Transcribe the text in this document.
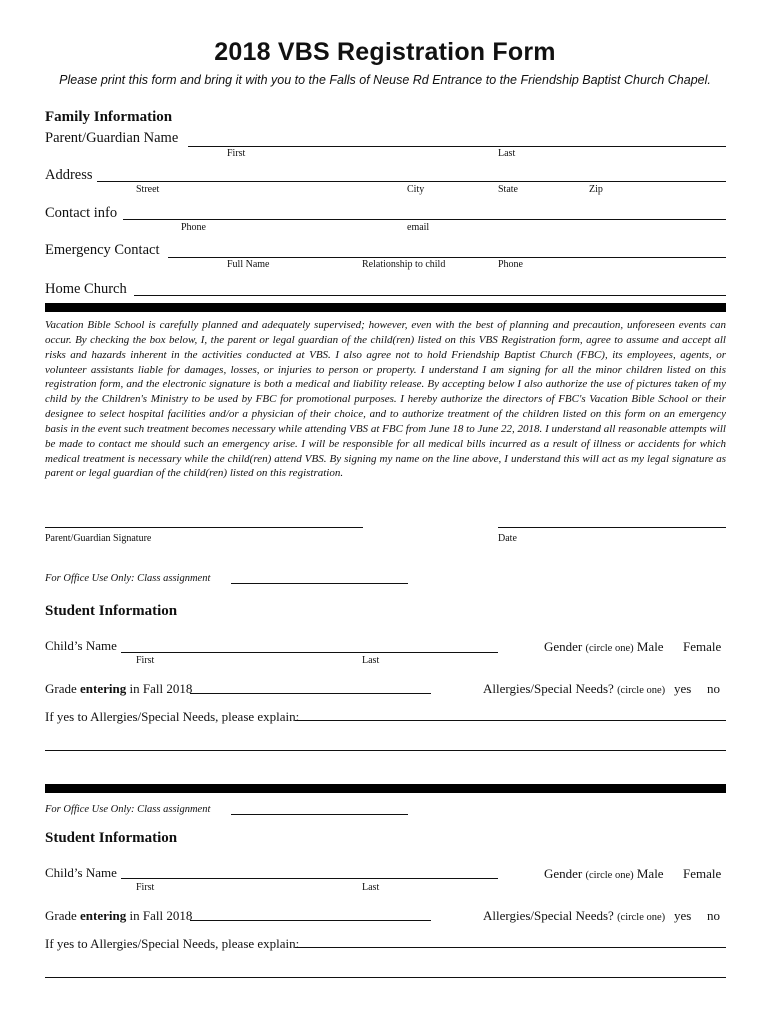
2018 VBS Registration Form
Please print this form and bring it with you to the Falls of Neuse Rd Entrance to the Friendship Baptist Church Chapel.
Family Information
Parent/Guardian Name
First	Last
Address
Street	City	State	Zip
Contact info
Phone	email
Emergency Contact
Full Name	Relationship to child	Phone
Home Church
Vacation Bible School is carefully planned and adequately supervised; however, even with the best of planning and precaution, unforeseen events can occur. By checking the box below, I, the parent or legal guardian of the child(ren) listed on this VBS Registration form, agree to assume and accept all risks and hazards inherent in the activities conducted at VBS. I also agree not to hold Friendship Baptist Church (FBC), its employees, agents, or volunteer assistants liable for damages, losses, or injuries to person or property. I understand I am signing for all the minor children listed on this registration form, and the electronic signature is both a medical and liability release. By accepting below I also authorize the use of pictures taken of my child by the Children's Ministry to be used by FBC for promotional purposes. I hereby authorize the directors of FBC's Vacation Bible School or their designee to select hospital facilities and/or a physician of their choice, and to authorize treatment of the children listed on this form on an emergency basis in the event such treatment becomes necessary while attending VBS at FBC from June 18 to June 22, 2018. I understand all reasonable attempts will be made to contact me should such an emergency arise. I will be responsible for all medical bills incurred as a result of illness or accidents for which medical treatment is necessary while the child(ren) attend VBS. By signing my name on the line above, I understand this will act as my legal signature as parent or legal guardian of the child(ren) listed on this registration.
Parent/Guardian Signature	Date
For Office Use Only: Class assignment
Student Information
Child’s Name
First	Last
Gender (circle one) Male Female
Grade entering in Fall 2018	Allergies/Special Needs? (circle one) yes no
If yes to Allergies/Special Needs, please explain:
For Office Use Only: Class assignment
Student Information
Child’s Name
First	Last
Gender (circle one) Male Female
Grade entering in Fall 2018	Allergies/Special Needs? (circle one) yes no
If yes to Allergies/Special Needs, please explain:
